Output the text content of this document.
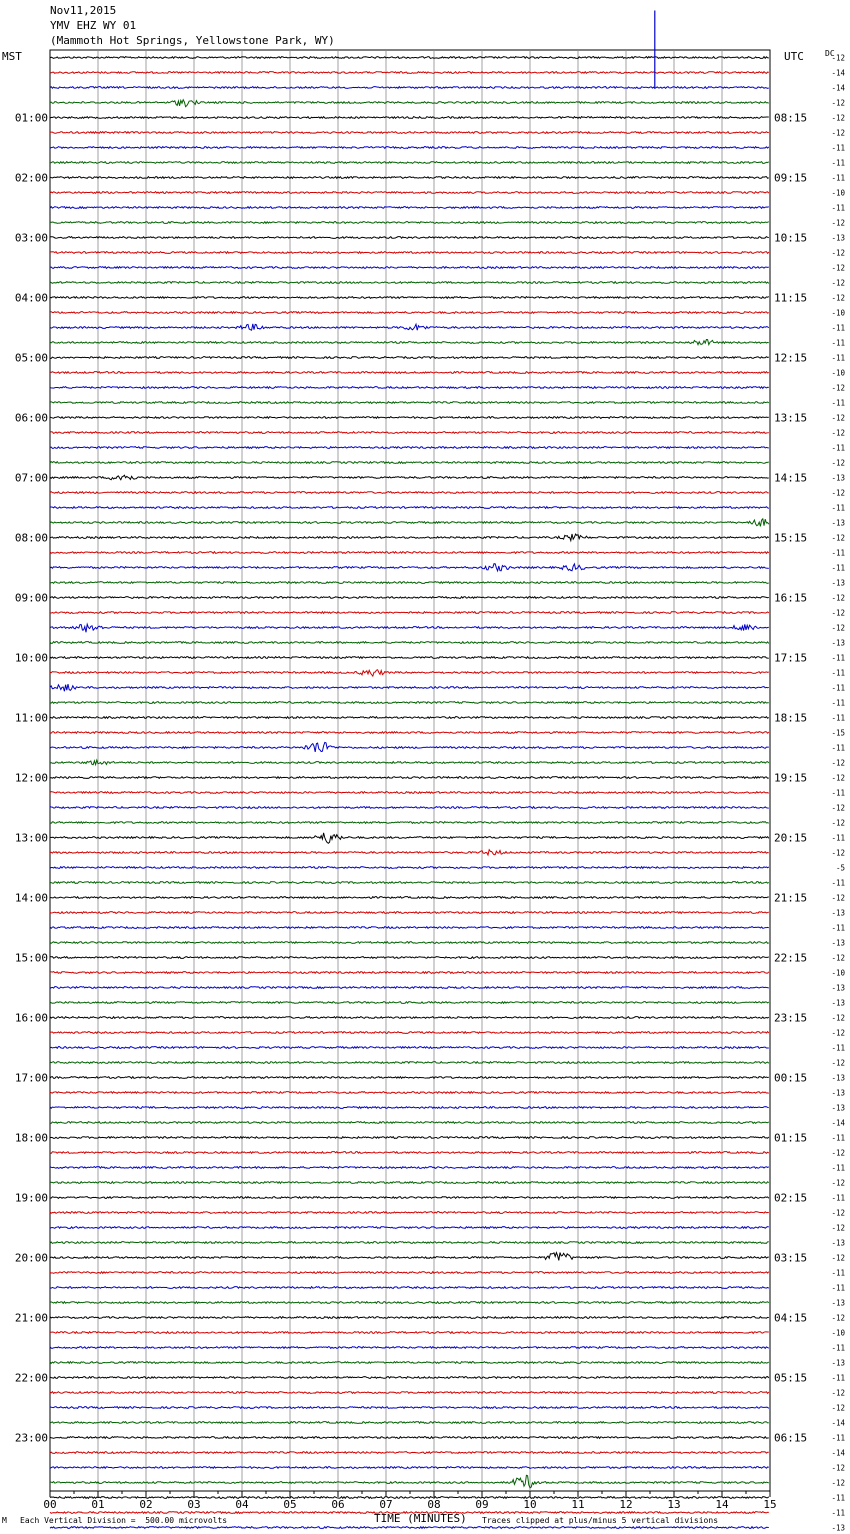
Nov11,2015
YMV EHZ WY 01
(Mammoth Hot Springs, Yellowstone Park, WY)
MST	UTC	DC
-12
-14
-14
-12
-12
-12
-11
-11
-11
-10
-11
-12
-13
-12
-12
-12
-12
-10
-11
-11
-11
-10
-12
-11
-12
-12
-11
-12
-13
-12
-11
-13
-12
-11
-11
-13
-12
-12
-12
-13
-11
-11
-11
-11
-11
-15
-11
-12
-12
-11
-12
-12
-11
-12
-5
-11
-12
-13
-11
-13
-12
-10
-13
-13
-12
-12
-11
-12
-13
-13
-13
-14
-11
-12
-11
-12
-11
-12
-12
-13
-12
-11
-11
-13
-12
-10
-11
-13
-11
-12
-12
-14
-11
-14
-12
-12
-11
-11
-13
01:00
02:00
03:00
04:00
05:00
06:00
07:00
08:00
09:00
10:00
11:00
12:00
13:00
14:00
15:00
16:00
17:00
18:00
19:00
20:00
21:00
22:00
23:00
08:15
09:15
10:15
11:15
12:15
13:15
14:15
15:15
16:15
17:15
18:15
19:15
20:15
21:15
22:15
23:15
00:15
01:15
02:15
03:15
04:15
05:15
06:15
00	01	02	03	04	05	06	07	08	09	10	11	12	13	14	15
M Each Vertical Division =  500.00 microvolts	TIME (MINUTES) Traces clipped at plus/minus 5 vertical divisions
